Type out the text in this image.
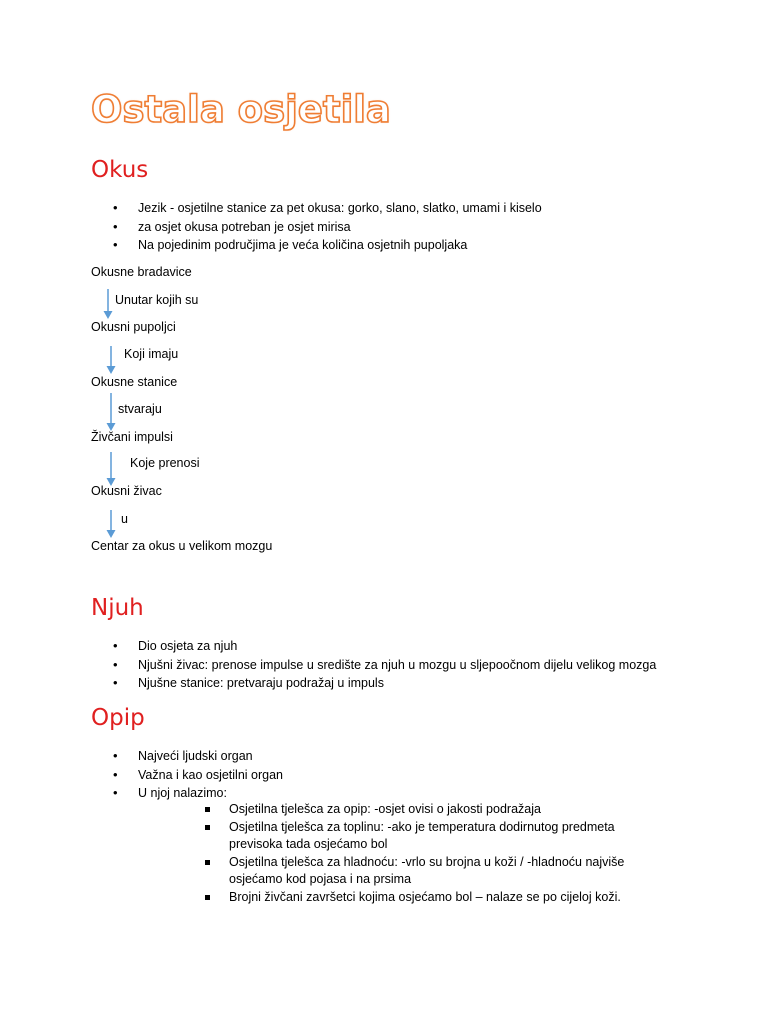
Ostala osjetila
Okus
• Jezik - osjetilne stanice za pet okusa: gorko, slano, slatko, umami i kiselo
• za osjet okusa potreban je osjet mirisa
• Na pojedinim područjima je veća količina osjetnih pupoljaka
Okusne bradavice
Unutar kojih su
Okusni pupoljci
Koji imaju
Okusne stanice
stvaraju
Živčani impulsi
Koje prenosi
Okusni živac
u
Centar za okus u velikom mozgu
Njuh
• Dio osjeta za njuh
• Njušni živac: prenose impulse u središte za njuh u mozgu u sljepoočnom dijelu velikog mozga
• Njušne stanice: pretvaraju podražaj u impuls
Opip
• Najveći ljudski organ
• Važna i kao osjetilni organ
• U njoj nalazimo:
Osjetilna tjelešca za opip: -osjet ovisi o jakosti podražaja
Osjetilna tjelešca za toplinu: -ako je temperatura dodirnutog predmeta previsoka tada osjećamo bol
Osjetilna tjelešca za hladnoću: -vrlo su brojna u koži / -hladnoću najviše osjećamo kod pojasa i na prsima
Brojni živčani završetci kojima osjećamo bol – nalaze se po cijeloj koži.
